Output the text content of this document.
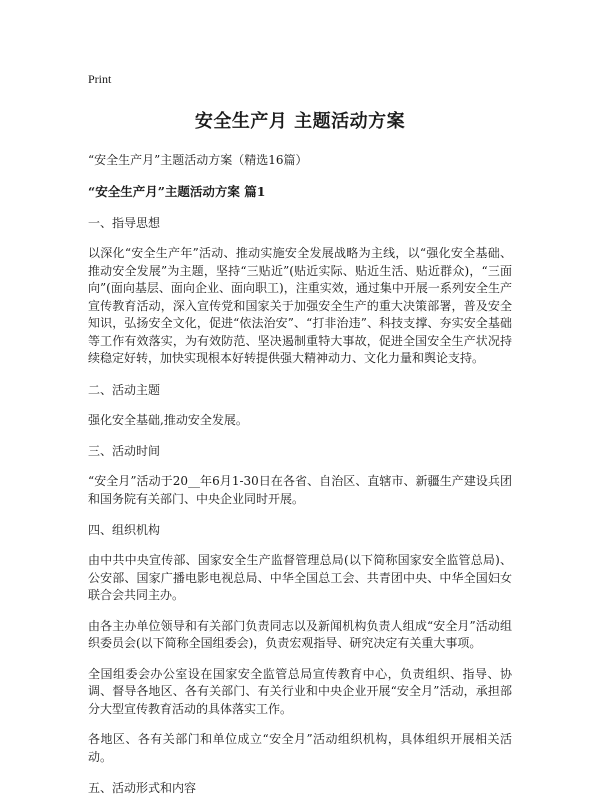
Print
安全生产月 主题活动方案

“安全生产月”主题活动方案（精选16篇）

“安全生产月”主题活动方案 篇1

一、指导思想

以深化“安全生产年”活动、推动实施安全发展战略为主线，以“强化安全基础、推动安全发展”为主题，坚持“三贴近”(贴近实际、贴近生活、贴近群众)，“三面向”(面向基层、面向企业、面向职工)，注重实效，通过集中开展一系列安全生产宣传教育活动，深入宣传党和国家关于加强安全生产的重大决策部署，普及安全知识，弘扬安全文化，促进“依法治安”、“打非治违”、科技支撑、夯实安全基础等工作有效落实，为有效防范、坚决遏制重特大事故，促进全国安全生产状况持续稳定好转，加快实现根本好转提供强大精神动力、文化力量和舆论支持。

二、活动主题

强化安全基础,推动安全发展。

三、活动时间

“安全月”活动于20__年6月1-30日在各省、自治区、直辖市、新疆生产建设兵团和国务院有关部门、中央企业同时开展。

四、组织机构

由中共中央宣传部、国家安全生产监督管理总局(以下简称国家安全监管总局)、公安部、国家广播电影电视总局、中华全国总工会、共青团中央、中华全国妇女联合会共同主办。

由各主办单位领导和有关部门负责同志以及新闻机构负责人组成“安全月”活动组织委员会(以下简称全国组委会)，负责宏观指导、研究决定有关重大事项。

全国组委会办公室设在国家安全监管总局宣传教育中心，负责组织、指导、协调、督导各地区、各有关部门、有关行业和中央企业开展“安全月”活动，承担部分大型宣传教育活动的具体落实工作。

各地区、各有关部门和单位成立“安全月”活动组织机构，具体组织开展相关活动。

五、活动形式和内容
